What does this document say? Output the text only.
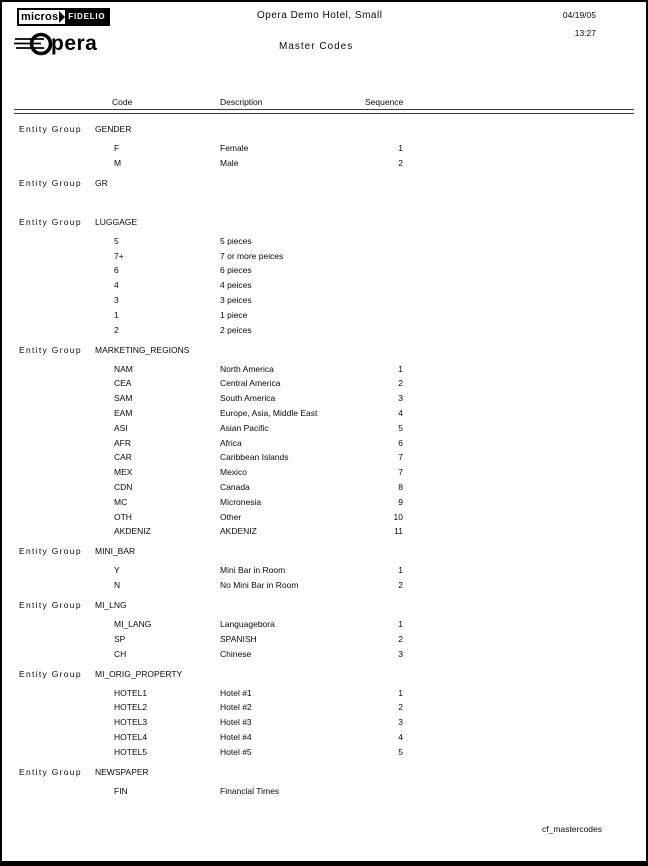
micros	FIDELIO
pera
Opera Demo Hotel, Small
Master Codes
04/19/05
13:27
Code	Description	Sequence
Entity Group GENDER
F	Female	1
M	Male	2
Entity Group GR
Entity Group LUGGAGE
5	5 pieces
7+	7 or more peices
6	6 pieces
4	4 peices
3	3 peices
1	1 piece
2	2 peices
Entity Group MARKETING_REGIONS
NAM	North America	1
CEA	Central America	2
SAM	South America	3
EAM	Europe, Asia, Middle East	4
ASI	Asian Pacific	5
AFR	Africa	6
CAR	Caribbean Islands	7
MEX	Mexico	7
CDN	Canada	8
MC	Micronesia	9
OTH	Other	10
AKDENIZ	AKDENIZ	11
Entity Group MINI_BAR
Y	Mini Bar in Room	1
N	No Mini Bar in Room	2
Entity Group MI_LNG
MI_LANG	Languagebora	1
SP	SPANISH	2
CH	Chinese	3
Entity Group MI_ORIG_PROPERTY
HOTEL1	Hotel #1	1
HOTEL2	Hotel #2	2
HOTEL3	Hotel #3	3
HOTEL4	Hotel #4	4
HOTEL5	Hotel #5	5
Entity Group NEWSPAPER
FIN	Financial Times
cf_mastercodes
